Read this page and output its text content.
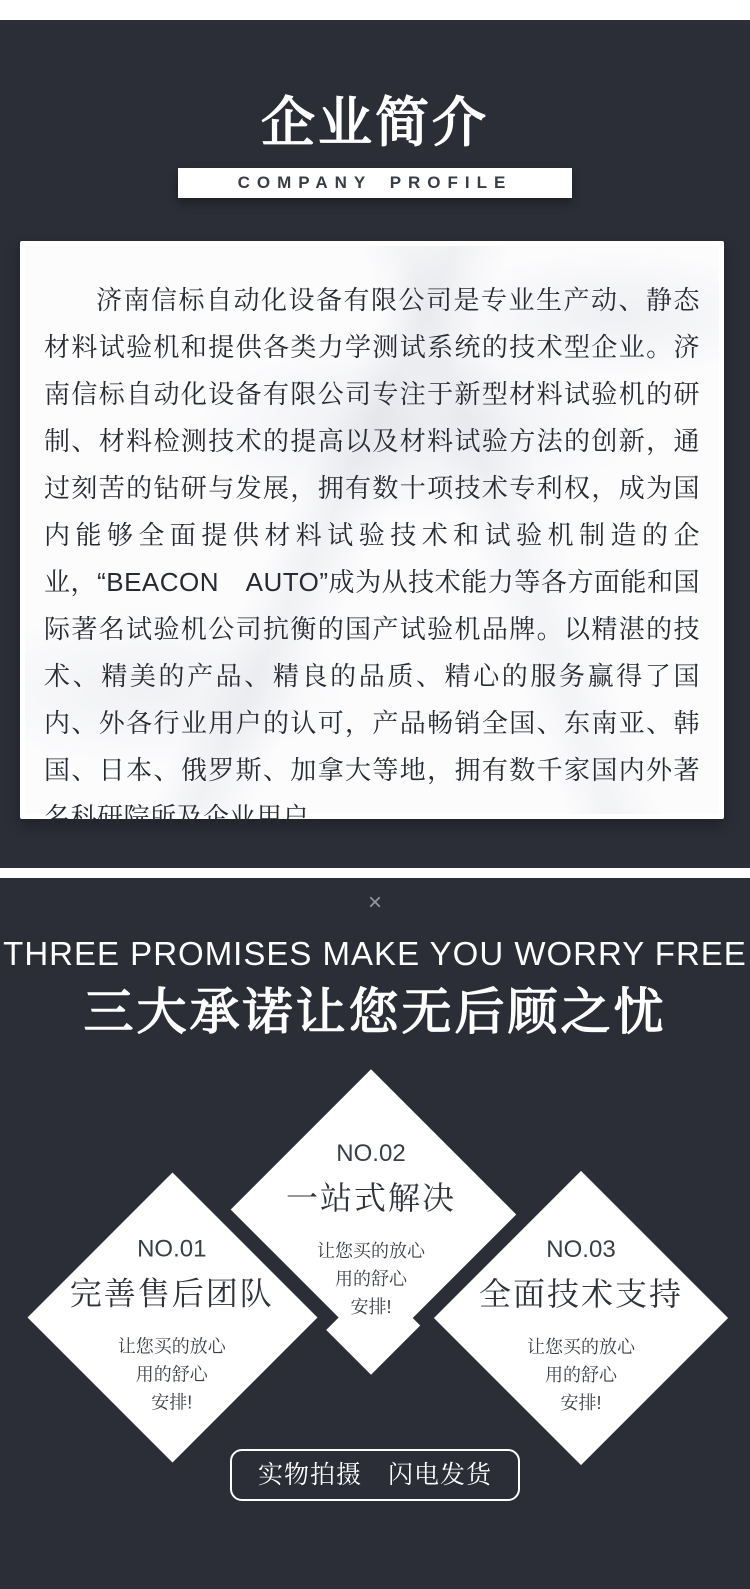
企业简介
COMPANY PROFILE

济南信标自动化设备有限公司是专业生产动、静态材料试验机和提供各类力学测试系统的技术型企业。济南信标自动化设备有限公司专注于新型材料试验机的研制、材料检测技术的提高以及材料试验方法的创新，通过刻苦的钻研与发展，拥有数十项技术专利权，成为国内能够全面提供材料试验技术和试验机制造的企业，“BEACON　AUTO”成为从技术能力等各方面能和国际著名试验机公司抗衡的国产试验机品牌。以精湛的技术、精美的产品、精良的品质、精心的服务赢得了国内、外各行业用户的认可，产品畅销全国、东南亚、韩国、日本、俄罗斯、加拿大等地，拥有数千家国内外著名科研院所及企业用户。

×
THREE PROMISES MAKE YOU WORRY FREE
三大承诺让您无后顾之忧
NO.02
一站式解决
让您买的放心
用的舒心
安排!
NO.01
完善售后团队
让您买的放心
用的舒心
安排!
NO.03
全面技术支持
让您买的放心
用的舒心
安排!
实物拍摄　闪电发货
